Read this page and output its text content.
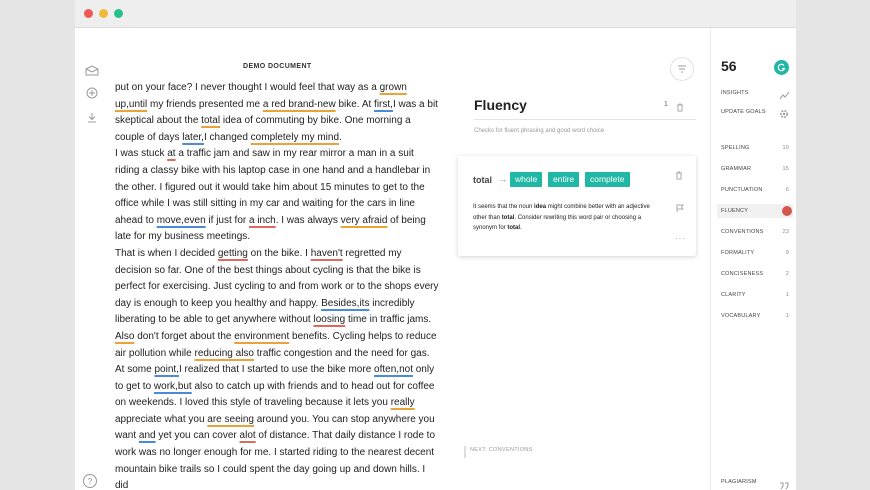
?
DEMO DOCUMENT

put on your face? I never thought I would feel that way as a grown up,until my friends presented me a red brand-new bike. At first,I was a bit skeptical about the total idea of commuting by bike. One morning a couple of days later,I changed completely my mind.

I was stuck at a traffic jam and saw in my rear mirror a man in a suit riding a classy bike with his laptop case in one hand and a handlebar in the other. I figured out it would take him about 15 minutes to get to the office while I was still sitting in my car and waiting for the cars in line ahead to move,even if just for a inch. I was always very afraid of being late for my business meetings.

That is when I decided getting on the bike. I haven't regretted my decision so far. One of the best things about cycling is that the bike is perfect for exercising. Just cycling to and from work or to the shops every day is enough to keep you healthy and happy. Besides,its incredibly liberating to be able to get anywhere without loosing time in traffic jams. Also don't forget about the environment benefits. Cycling helps to reduce air pollution while reducing also traffic congestion and the need for gas.

At some point,I realized that I started to use the bike more often,not only to get to work,but also to catch up with friends and to head out for coffee on weekends. I loved this style of traveling because it lets you really appreciate what you are seeing around you. You can stop anywhere you want and yet you can cover alot of distance. That daily distance I rode to work was no longer enough for me. I started riding to the nearest decent mountain bike trails so I could spent the day going up and down hills. I did

Fluency	1
Checks for fluent phrasing and good word choice
total → whole	entire	complete
It seems that the noun idea might combine better with an adjective other than total. Consider rewriting this word pair or choosing a synonym for total.
···
NEXT: CONVENTIONS
56
INSIGHTS
UPDATE GOALS
SPELLING	10
GRAMMAR	15
PUNCTUATION	6
FLUENCY
CONVENTIONS	23
FORMALITY	9
CONCISENESS	2
CLARITY	1
VOCABULARY	1
PLAGIARISM
